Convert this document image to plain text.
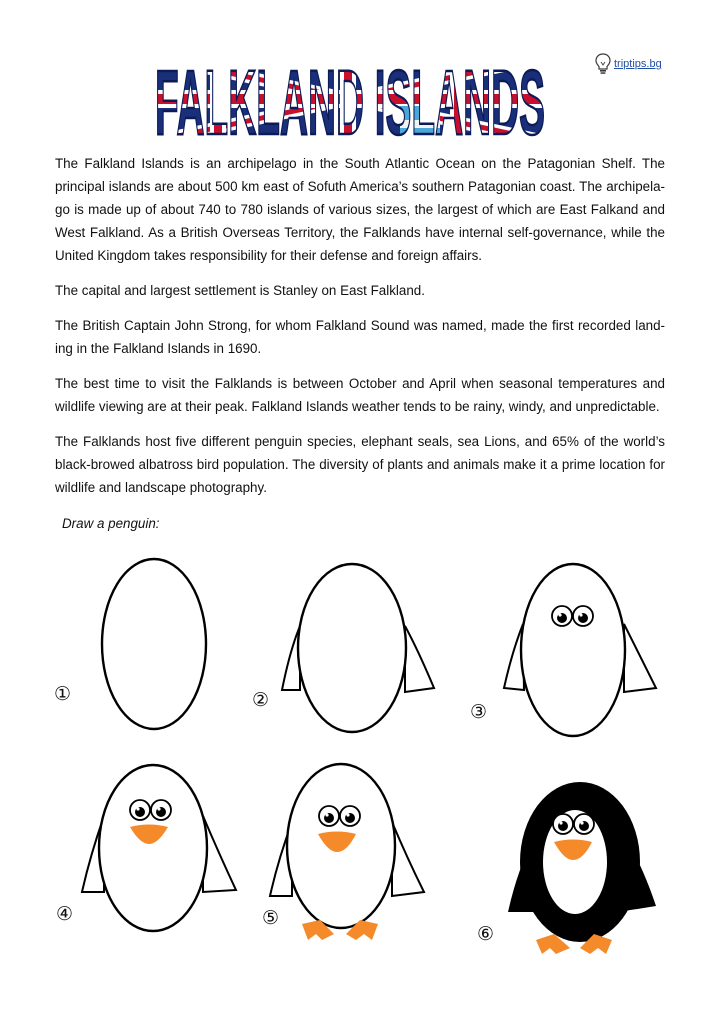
triptips.bg
FALKLAND ISLANDS

The Falkland Islands is an archipelago in the South Atlantic Ocean on the Patagonian Shelf. The principal islands are about 500 km east of Sofuth America’s southern Patagonian coast. The archipela-go is made up of about 740 to 780 islands of various sizes, the largest of which are East Falkand and West Falkland. As a British Overseas Territory, the Falklands have internal self-governance, while the United Kingdom takes responsibility for their defense and foreign affairs.

The capital and largest settlement is Stanley on East Falkland.

The British Captain John Strong, for whom Falkland Sound was named, made the first recorded land-ing in the Falkland Islands in 1690.

The best time to visit the Falklands is between October and April when seasonal temperatures and wildlife viewing are at their peak. Falkland Islands weather tends to be rainy, windy, and unpredictable.

The Falklands host five different penguin species, elephant seals, sea Lions, and 65% of the world’s black-browed albatross bird population. The diversity of plants and animals make it a prime location for wildlife and landscape photography.

Draw a penguin:
①	②
③
④	⑤
⑥
